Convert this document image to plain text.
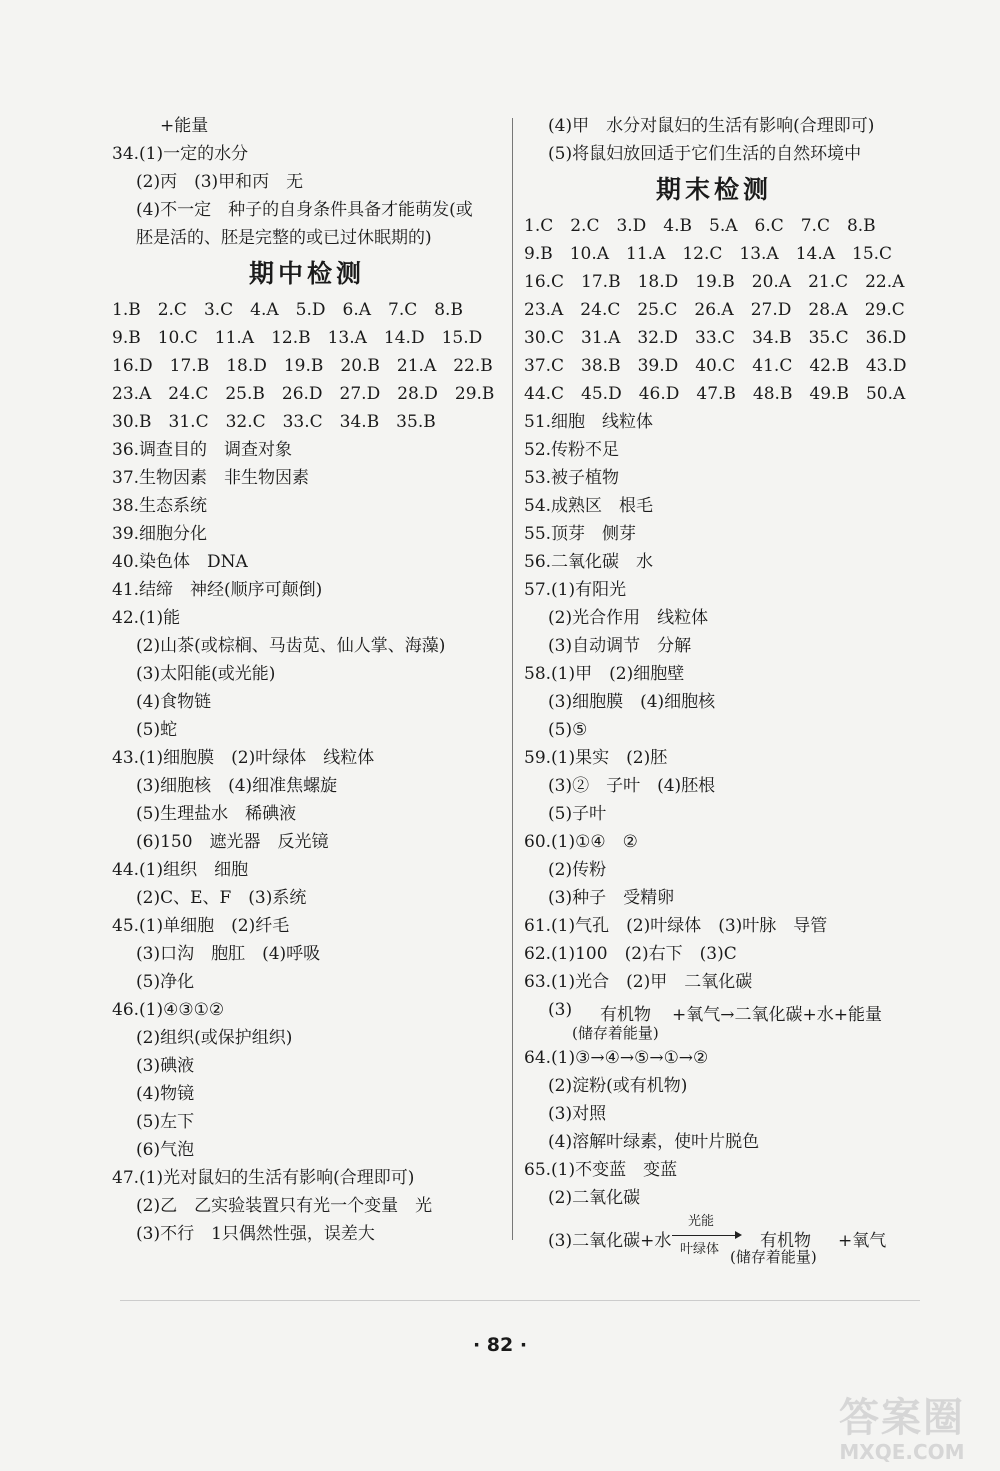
+能量
34.(1)一定的水分
(2)丙　(3)甲和丙　无
(4)不一定　种子的自身条件具备才能萌发(或
胚是活的、胚是完整的或已过休眠期的)
期中检测
1.B　2.C　3.C　4.A　5.D　6.A　7.C　8.B
9.B　10.C　11.A　12.B　13.A　14.D　15.D
16.D　17.B　18.D　19.B　20.B　21.A　22.B
23.A　24.C　25.B　26.D　27.D　28.D　29.B
30.B　31.C　32.C　33.C　34.B　35.B
36.调查目的　调查对象
37.生物因素　非生物因素
38.生态系统
39.细胞分化
40.染色体　DNA
41.结缔　神经(顺序可颠倒)
42.(1)能
(2)山茶(或棕榈、马齿苋、仙人掌、海藻)
(3)太阳能(或光能)
(4)食物链
(5)蛇
43.(1)细胞膜　(2)叶绿体　线粒体
(3)细胞核　(4)细准焦螺旋
(5)生理盐水　稀碘液
(6)150　遮光器　反光镜
44.(1)组织　细胞
(2)C、E、F　(3)系统
45.(1)单细胞　(2)纤毛
(3)口沟　胞肛　(4)呼吸
(5)净化
46.(1)④③①②
(2)组织(或保护组织)
(3)碘液
(4)物镜
(5)左下
(6)气泡
47.(1)光对鼠妇的生活有影响(合理即可)
(2)乙　乙实验装置只有光一个变量　光
(3)不行　1只偶然性强，误差大
(4)甲　水分对鼠妇的生活有影响(合理即可)
(5)将鼠妇放回适于它们生活的自然环境中
期末检测
1.C　2.C　3.D　4.B　5.A　6.C　7.C　8.B
9.B　10.A　11.A　12.C　13.A　14.A　15.C
16.C　17.B　18.D　19.B　20.A　21.C　22.A
23.A　24.C　25.C　26.A　27.D　28.A　29.C
30.C　31.A　32.D　33.C　34.B　35.C　36.D
37.C　38.B　39.D　40.C　41.C　42.B　43.D
44.C　45.D　46.D　47.B　48.B　49.B　50.A
51.细胞　线粒体
52.传粉不足
53.被子植物
54.成熟区　根毛
55.顶芽　侧芽
56.二氧化碳　水
57.(1)有阳光
(2)光合作用　线粒体
(3)自动调节　分解
58.(1)甲　(2)细胞壁
(3)细胞膜　(4)细胞核
(5)⑤
59.(1)果实　(2)胚
(3)②　子叶　(4)胚根
(5)子叶
60.(1)①④　②
(2)传粉
(3)种子　受精卵
61.(1)气孔　(2)叶绿体　(3)叶脉　导管
62.(1)100　(2)右下　(3)C
63.(1)光合　(2)甲　二氧化碳
(3) 有机物 +氧气→二氧化碳+水+能量
(储存着能量)
64.(1)③→④→⑤→①→②
(2)淀粉(或有机物)
(3)对照
(4)溶解叶绿素，使叶片脱色
65.(1)不变蓝　变蓝
(2)二氧化碳
(3)二氧化碳+水
光能
叶绿体 有机物 +氧气
(储存着能量)
· 82 ·
答案圈
MXQE.COM
